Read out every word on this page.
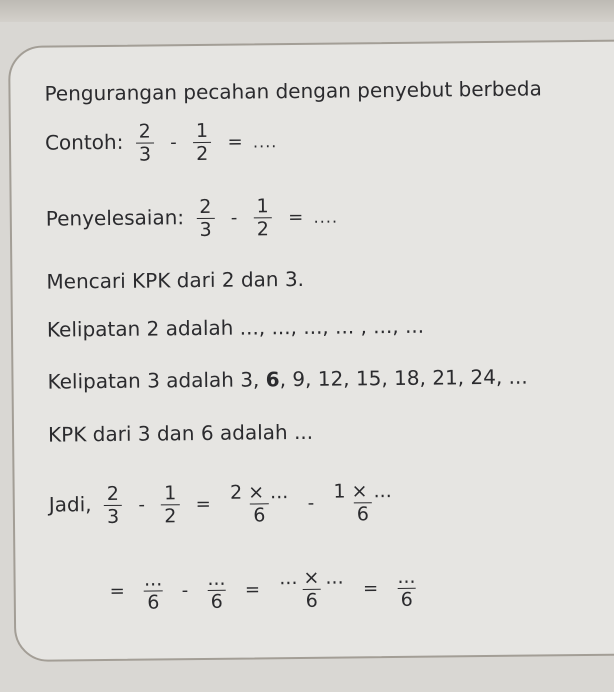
Pengurangan pecahan dengan penyebut berbeda
Contoh: $\frac{2}{3} - \frac{1}{2}$ = ....
Penyelesaian: $\frac{2}{3} - \frac{1}{2}$ = ....
Mencari KPK dari 2 dan 3.
Kelipatan 2 adalah ..., ..., ..., ... , ..., ...
Kelipatan 3 adalah 3, 6, 9, 12, 15, 18, 21, 24, ...
KPK dari 3 dan 6 adalah ...
Jadi, $\frac{2}{3} - \frac{1}{2} = \frac{2 \times ...}{6} - \frac{1 \times ...}{6}$
= $\frac{...}{6} - \frac{...}{6} = \frac{... \times ...}{6} = \frac{...}{6}$
